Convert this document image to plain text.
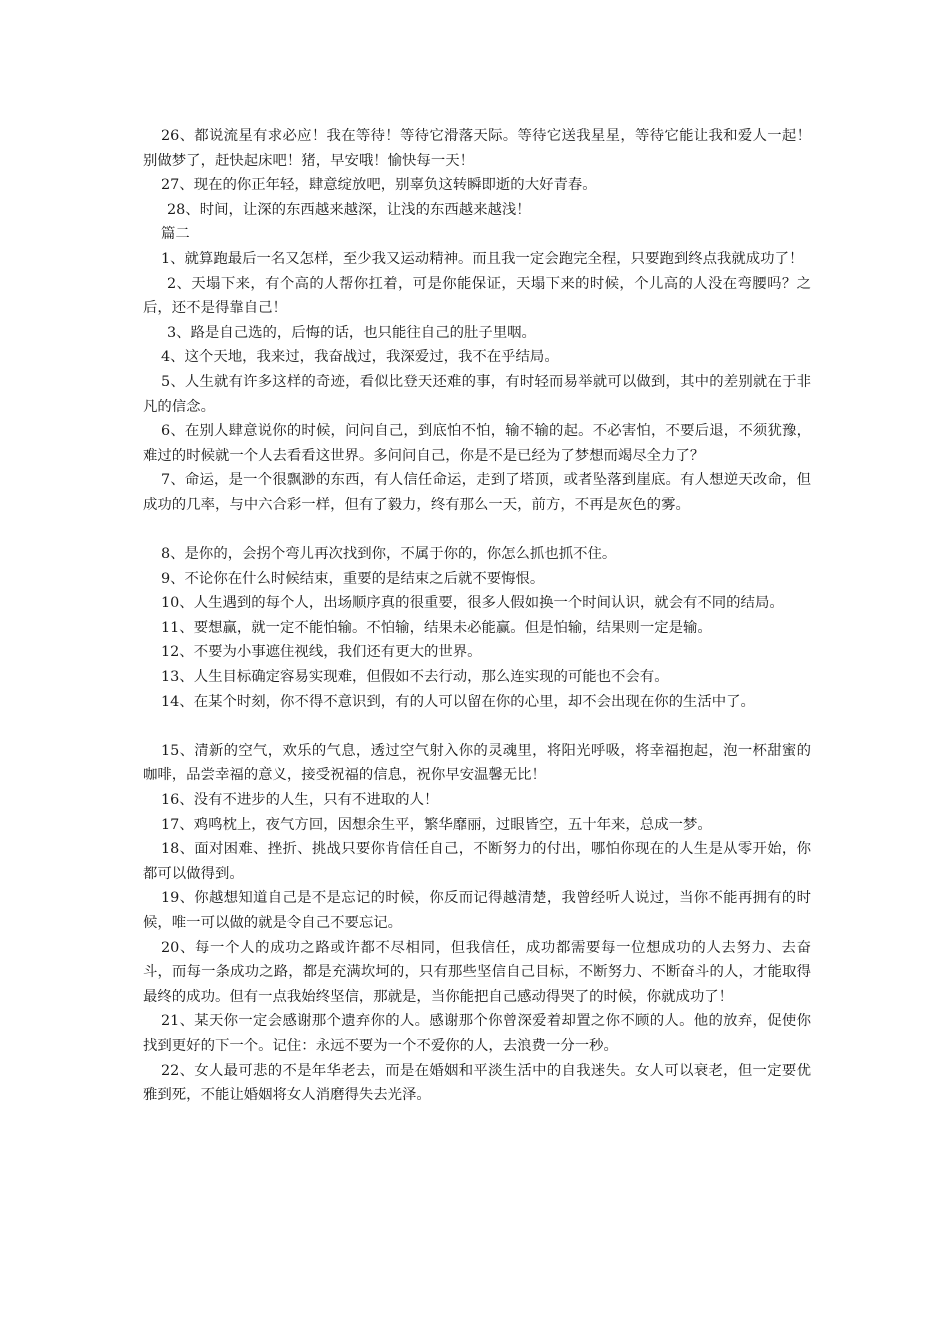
26、都说流星有求必应！我在等待！等待它滑落天际。等待它送我星星，等待它能让我和爱人一起！别做梦了，赶快起床吧！猪，早安哦！愉快每一天！

27、现在的你正年轻，肆意绽放吧，别辜负这转瞬即逝的大好青春。

28、时间，让深的东西越来越深，让浅的东西越来越浅！

篇二

1、就算跑最后一名又怎样，至少我又运动精神。而且我一定会跑完全程，只要跑到终点我就成功了！

2、天塌下来，有个高的人帮你扛着，可是你能保证，天塌下来的时候，个儿高的人没在弯腰吗？之后，还不是得靠自己！

3、路是自己选的，后悔的话，也只能往自己的肚子里咽。

4、这个天地，我来过，我奋战过，我深爱过，我不在乎结局。

5、人生就有许多这样的奇迹，看似比登天还难的事，有时轻而易举就可以做到，其中的差别就在于非凡的信念。

6、在别人肆意说你的时候，问问自己，到底怕不怕，输不输的起。不必害怕，不要后退，不须犹豫，难过的时候就一个人去看看这世界。多问问自己，你是不是已经为了梦想而竭尽全力了？

7、命运，是一个很飘渺的东西，有人信任命运，走到了塔顶，或者坠落到崖底。有人想逆天改命，但成功的几率，与中六合彩一样，但有了毅力，终有那么一天，前方，不再是灰色的雾。

8、是你的，会拐个弯儿再次找到你，不属于你的，你怎么抓也抓不住。

9、不论你在什么时候结束，重要的是结束之后就不要悔恨。

10、人生遇到的每个人，出场顺序真的很重要，很多人假如换一个时间认识，就会有不同的结局。

11、要想赢，就一定不能怕输。不怕输，结果未必能赢。但是怕输，结果则一定是输。

12、不要为小事遮住视线，我们还有更大的世界。

13、人生目标确定容易实现难，但假如不去行动，那么连实现的可能也不会有。

14、在某个时刻，你不得不意识到，有的人可以留在你的心里，却不会出现在你的生活中了。

15、清新的空气，欢乐的气息，透过空气射入你的灵魂里，将阳光呼吸，将幸福抱起，泡一杯甜蜜的咖啡，品尝幸福的意义，接受祝福的信息，祝你早安温馨无比！

16、没有不进步的人生，只有不进取的人！

17、鸡鸣枕上，夜气方回，因想余生平，繁华靡丽，过眼皆空，五十年来，总成一梦。

18、面对困难、挫折、挑战只要你肯信任自己，不断努力的付出，哪怕你现在的人生是从零开始，你都可以做得到。

19、你越想知道自己是不是忘记的时候，你反而记得越清楚，我曾经听人说过，当你不能再拥有的时候，唯一可以做的就是令自己不要忘记。

20、每一个人的成功之路或许都不尽相同，但我信任，成功都需要每一位想成功的人去努力、去奋斗，而每一条成功之路，都是充满坎坷的，只有那些坚信自己目标，不断努力、不断奋斗的人，才能取得最终的成功。但有一点我始终坚信，那就是，当你能把自己感动得哭了的时候，你就成功了！

21、某天你一定会感谢那个遗弃你的人。感谢那个你曾深爱着却置之你不顾的人。他的放弃，促使你找到更好的下一个。记住：永远不要为一个不爱你的人，去浪费一分一秒。

22、女人最可悲的不是年华老去，而是在婚姻和平淡生活中的自我迷失。女人可以衰老，但一定要优雅到死，不能让婚姻将女人消磨得失去光泽。
